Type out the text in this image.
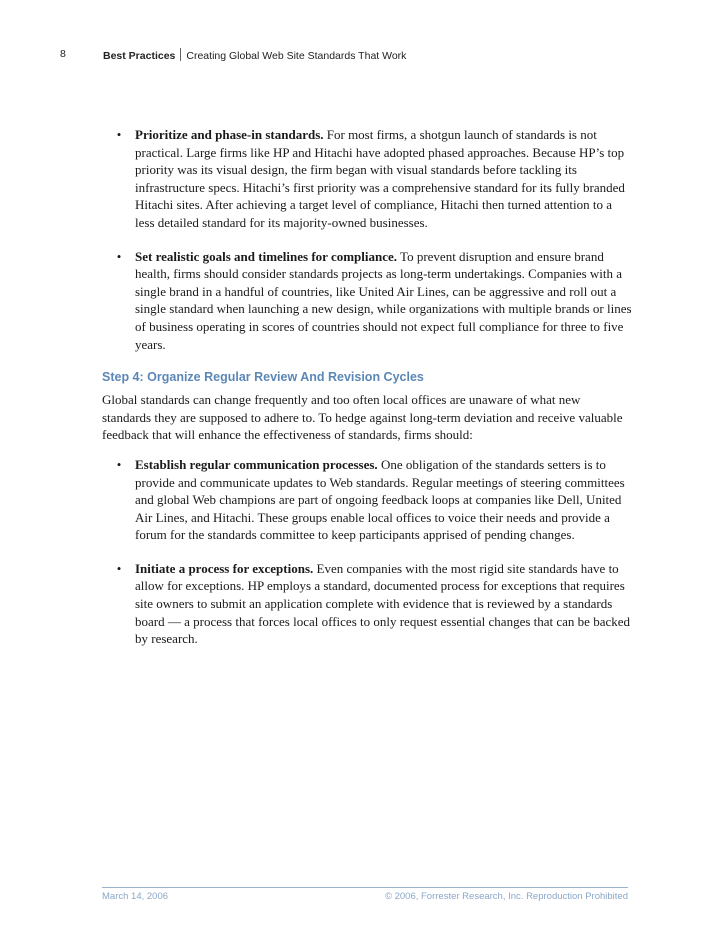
8	Best Practices Creating Global Web Site Standards That Work
• Prioritize and phase-in standards. For most firms, a shotgun launch of standards is not practical. Large firms like HP and Hitachi have adopted phased approaches. Because HP’s top priority was its visual design, the firm began with visual standards before tackling its infrastructure specs. Hitachi’s first priority was a comprehensive standard for its fully branded Hitachi sites. After achieving a target level of compliance, Hitachi then turned attention to a less detailed standard for its majority-owned businesses.
• Set realistic goals and timelines for compliance. To prevent disruption and ensure brand health, firms should consider standards projects as long-term undertakings. Companies with a single brand in a handful of countries, like United Air Lines, can be aggressive and roll out a single standard when launching a new design, while organizations with multiple brands or lines of business operating in scores of countries should not expect full compliance for three to five years.
Step 4: Organize Regular Review And Revision Cycles

Global standards can change frequently and too often local offices are unaware of what new standards they are supposed to adhere to. To hedge against long-term deviation and receive valuable feedback that will enhance the effectiveness of standards, firms should:

• Establish regular communication processes. One obligation of the standards setters is to provide and communicate updates to Web standards. Regular meetings of steering committees and global Web champions are part of ongoing feedback loops at companies like Dell, United Air Lines, and Hitachi. These groups enable local offices to voice their needs and provide a forum for the standards committee to keep participants apprised of pending changes.
• Initiate a process for exceptions. Even companies with the most rigid site standards have to allow for exceptions. HP employs a standard, documented process for exceptions that requires site owners to submit an application complete with evidence that is reviewed by a standards board — a process that forces local offices to only request essential changes that can be backed by research.
March 14, 2006	© 2006, Forrester Research, Inc. Reproduction Prohibited
